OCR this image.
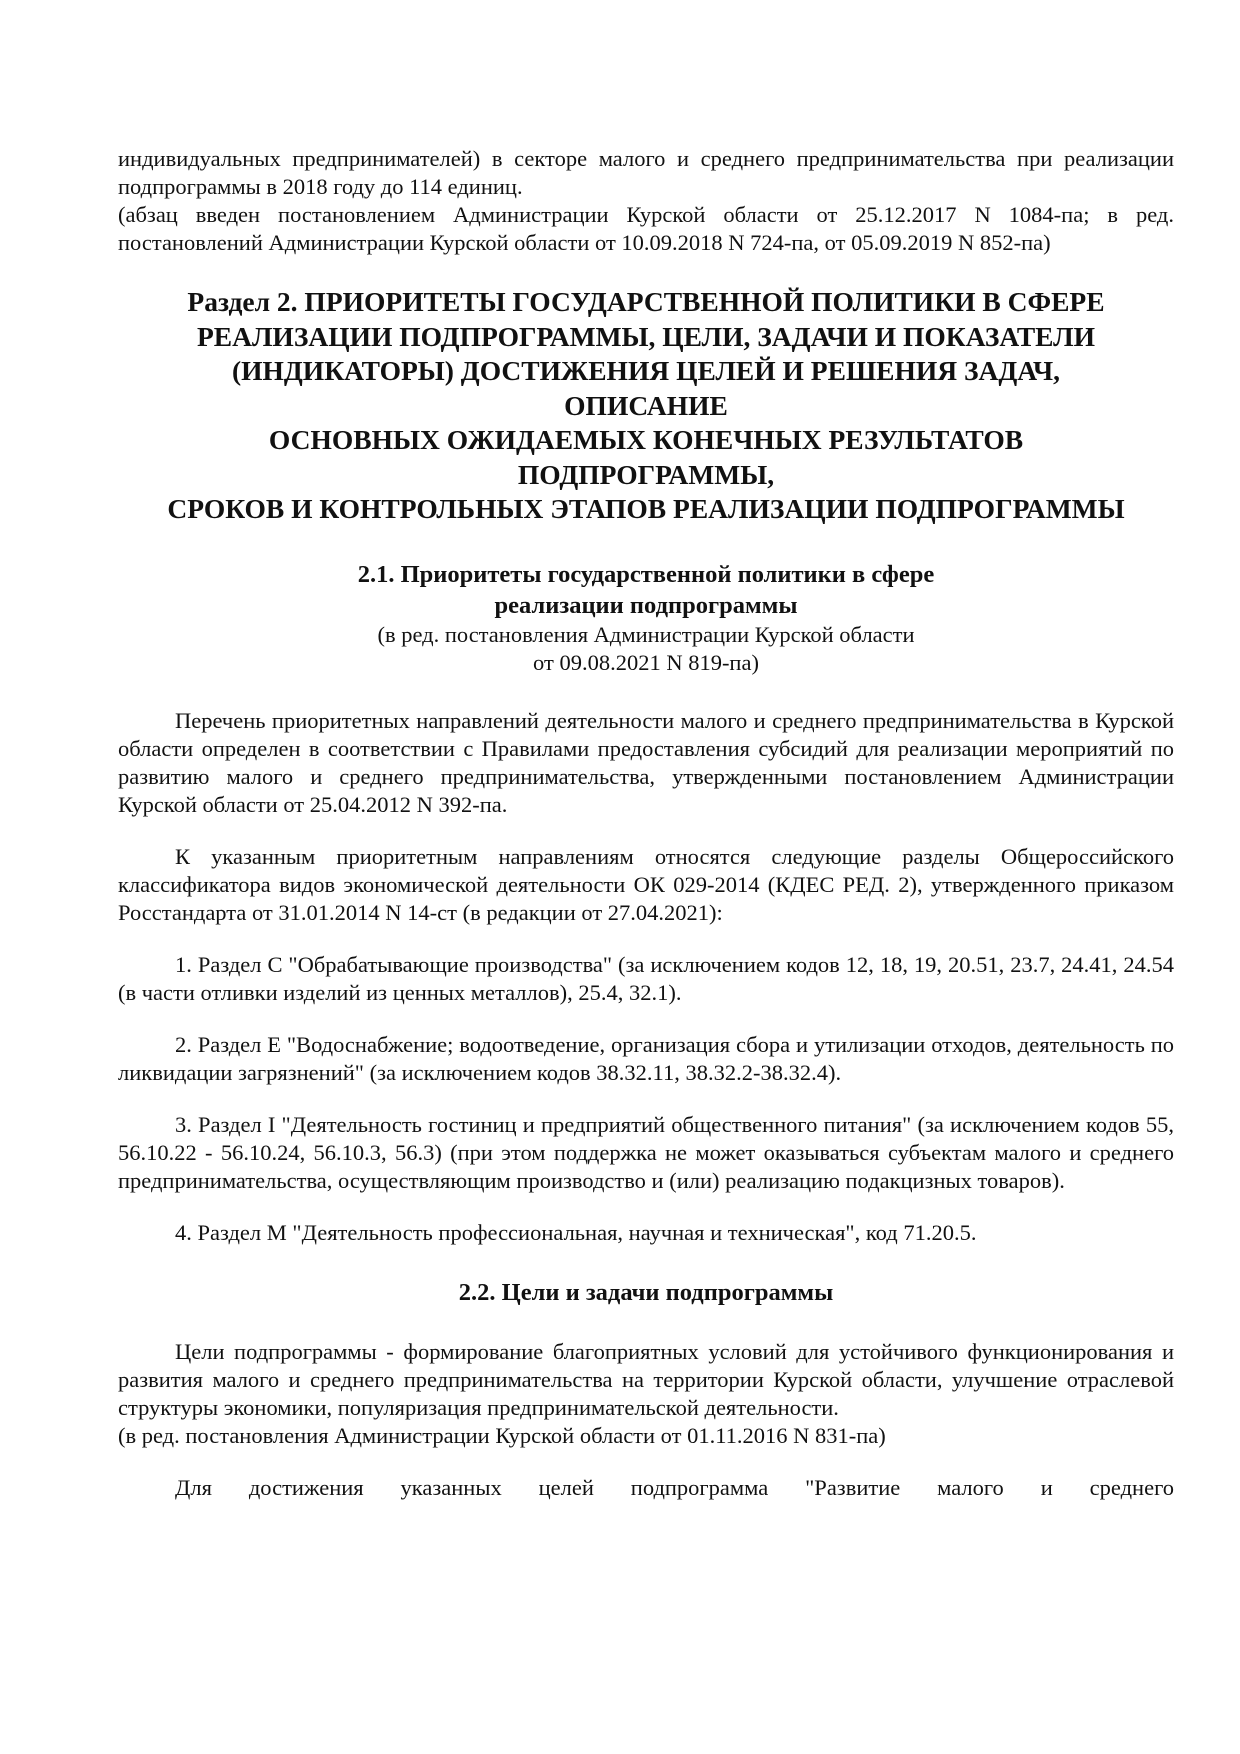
индивидуальных предпринимателей) в секторе малого и среднего предпринимательства при реализации подпрограммы в 2018 году до 114 единиц.

(абзац введен постановлением Администрации Курской области от 25.12.2017 N 1084-па; в ред. постановлений Администрации Курской области от 10.09.2018 N 724-па, от 05.09.2019 N 852-па)

Раздел 2. ПРИОРИТЕТЫ ГОСУДАРСТВЕННОЙ ПОЛИТИКИ В СФЕРЕ
РЕАЛИЗАЦИИ ПОДПРОГРАММЫ, ЦЕЛИ, ЗАДАЧИ И ПОКАЗАТЕЛИ
(ИНДИКАТОРЫ) ДОСТИЖЕНИЯ ЦЕЛЕЙ И РЕШЕНИЯ ЗАДАЧ,
ОПИСАНИЕ
ОСНОВНЫХ ОЖИДАЕМЫХ КОНЕЧНЫХ РЕЗУЛЬТАТОВ
ПОДПРОГРАММЫ,
СРОКОВ И КОНТРОЛЬНЫХ ЭТАПОВ РЕАЛИЗАЦИИ ПОДПРОГРАММЫ
2.1. Приоритеты государственной политики в сфере
реализации подпрограммы
(в ред. постановления Администрации Курской области
от 09.08.2021 N 819-па)

Перечень приоритетных направлений деятельности малого и среднего предпринимательства в Курской области определен в соответствии с Правилами предоставления субсидий для реализации мероприятий по развитию малого и среднего предпринимательства, утвержденными постановлением Администрации Курской области от 25.04.2012 N 392-па.

К указанным приоритетным направлениям относятся следующие разделы Общероссийского классификатора видов экономической деятельности ОК 029-2014 (КДЕС РЕД. 2), утвержденного приказом Росстандарта от 31.01.2014 N 14-ст (в редакции от 27.04.2021):

1. Раздел C "Обрабатывающие производства" (за исключением кодов 12, 18, 19, 20.51, 23.7, 24.41, 24.54 (в части отливки изделий из ценных металлов), 25.4, 32.1).

2. Раздел E "Водоснабжение; водоотведение, организация сбора и утилизации отходов, деятельность по ликвидации загрязнений" (за исключением кодов 38.32.11, 38.32.2-38.32.4).

3. Раздел I "Деятельность гостиниц и предприятий общественного питания" (за исключением кодов 55, 56.10.22 - 56.10.24, 56.10.3, 56.3) (при этом поддержка не может оказываться субъектам малого и среднего предпринимательства, осуществляющим производство и (или) реализацию подакцизных товаров).

4. Раздел M "Деятельность профессиональная, научная и техническая", код 71.20.5.

2.2. Цели и задачи подпрограммы

Цели подпрограммы - формирование благоприятных условий для устойчивого функционирования и развития малого и среднего предпринимательства на территории Курской области, улучшение отраслевой структуры экономики, популяризация предпринимательской деятельности.

(в ред. постановления Администрации Курской области от 01.11.2016 N 831-па)

Для достижения указанных целей подпрограмма "Развитие малого и среднего
